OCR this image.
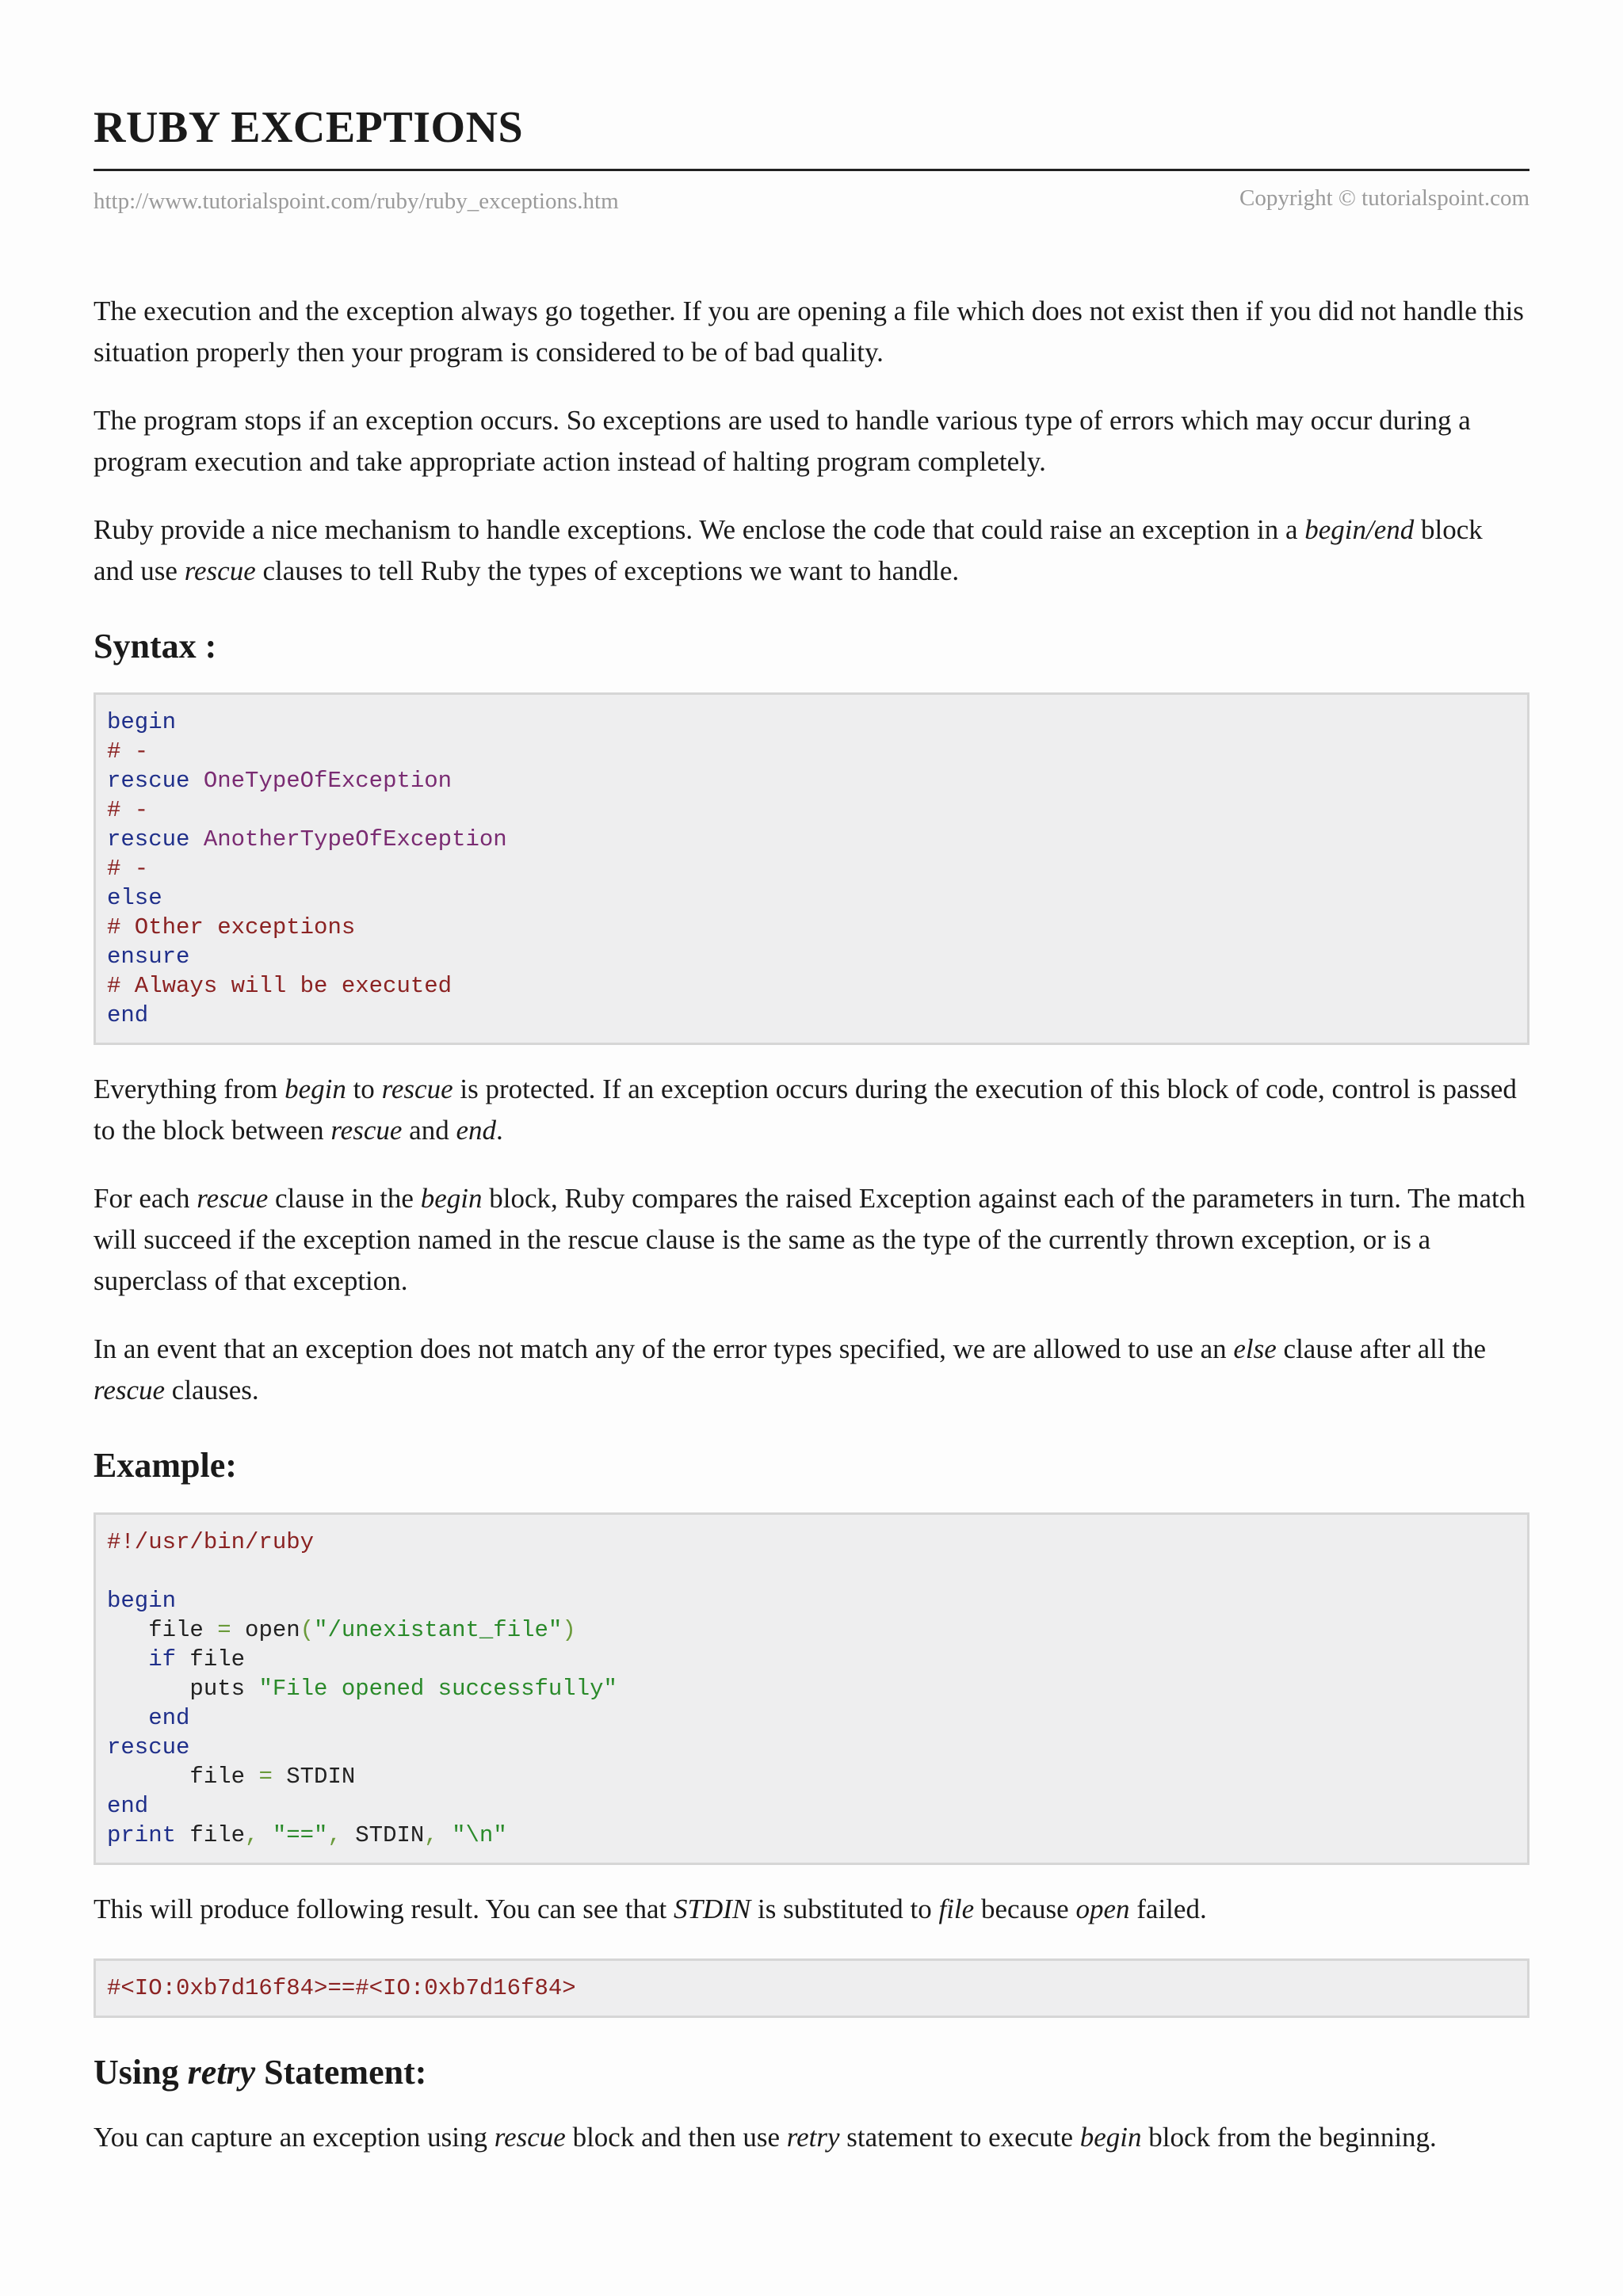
RUBY EXCEPTIONS
http://www.tutorialspoint.com/ruby/ruby_exceptions.htm	Copyright © tutorialspoint.com

The execution and the exception always go together. If you are opening a file which does not exist then if you did not handle this situation properly then your program is considered to be of bad quality.

The program stops if an exception occurs. So exceptions are used to handle various type of errors which may occur during a program execution and take appropriate action instead of halting program completely.

Ruby provide a nice mechanism to handle exceptions. We enclose the code that could raise an exception in a begin/end block and use rescue clauses to tell Ruby the types of exceptions we want to handle.

Syntax :
begin
# -
rescue OneTypeOfException
# -
rescue AnotherTypeOfException
# -
else
# Other exceptions
ensure
# Always will be executed
end

Everything from begin to rescue is protected. If an exception occurs during the execution of this block of code, control is passed to the block between rescue and end.

For each rescue clause in the begin block, Ruby compares the raised Exception against each of the parameters in turn. The match will succeed if the exception named in the rescue clause is the same as the type of the currently thrown exception, or is a superclass of that exception.

In an event that an exception does not match any of the error types specified, we are allowed to use an else clause after all the rescue clauses.

Example:
#!/usr/bin/ruby

begin
file = open("/unexistant_file")
if file
puts "File opened successfully"
end
rescue
file = STDIN
end
print file, "==", STDIN, "\n"

This will produce following result. You can see that STDIN is substituted to file because open failed.

#<IO:0xb7d16f84>==#<IO:0xb7d16f84>
Using retry Statement:

You can capture an exception using rescue block and then use retry statement to execute begin block from the beginning.
